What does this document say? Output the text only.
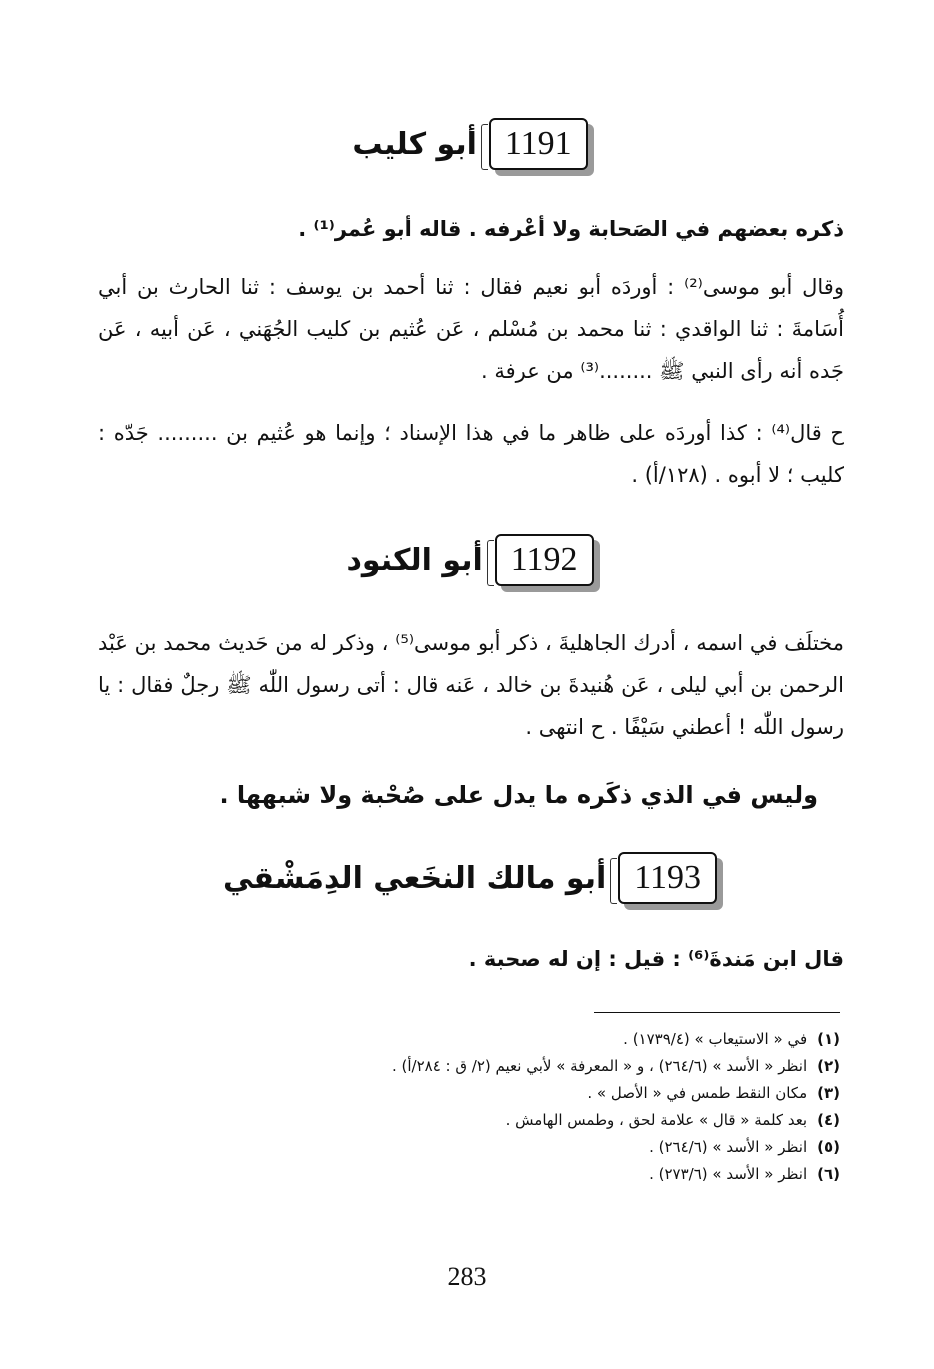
1191
أبو كليب
ذكره بعضهم في الصَحابة ولا أعْرفه . قاله أبو عُمر⁽¹⁾ .
وقال أبو موسى⁽²⁾ : أوردَه أبو نعيم فقال : ثنا أحمد بن يوسف : ثنا الحارث بن أبي أُسَامةَ : ثنا الواقدي : ثنا محمد بن مُسْلم ، عَن عُثيم بن كليب الجُهَني ، عَن أبيه ، عَن جَده أنه رأى النبي ﷺ ........⁽³⁾ من عرفة .
ح قال⁽⁴⁾ : كذا أوردَه على ظاهر ما في هذا الإسناد ؛ وإنما هو عُثيم بن ......... جَدّه : كليب ؛ لا أبوه . (١٢٨/أ) .
1192
أبو الكنود
مختلَف في اسمه ، أدرك الجاهليةَ ، ذكر أبو موسى⁽⁵⁾ ، وذكر له من حَديث محمد بن عَبْد الرحمن بن أبي ليلى ، عَن هُنيدةَ بن خالد ، عَنه قال : أتى رسول اللّٰه ﷺ رجلٌ فقال : يا رسول اللّٰه ! أعطني سَيْفًا . ح انتهى .
وليس في الذي ذكَره ما يدل على صُحْبة ولا شبهها .
1193
أبو مالك النخَعي الدِمَشْقي
قال ابن مَندةَ⁽⁶⁾ : قيل : إن له صحبة .
(١)في « الاستيعاب » (١٧٣٩/٤) .
(٢)انظر « الأسد » (٢٦٤/٦) ، و « المعرفة » لأبي نعيم (٢/ ق : ٢٨٤/أ) .
(٣)مكان النقط طمس في « الأصل » .
(٤)بعد كلمة « قال » علامة لحق ، وطمس الهامش .
(٥)انظر « الأسد » (٢٦٤/٦) .
(٦)انظر « الأسد » (٢٧٣/٦) .
283
